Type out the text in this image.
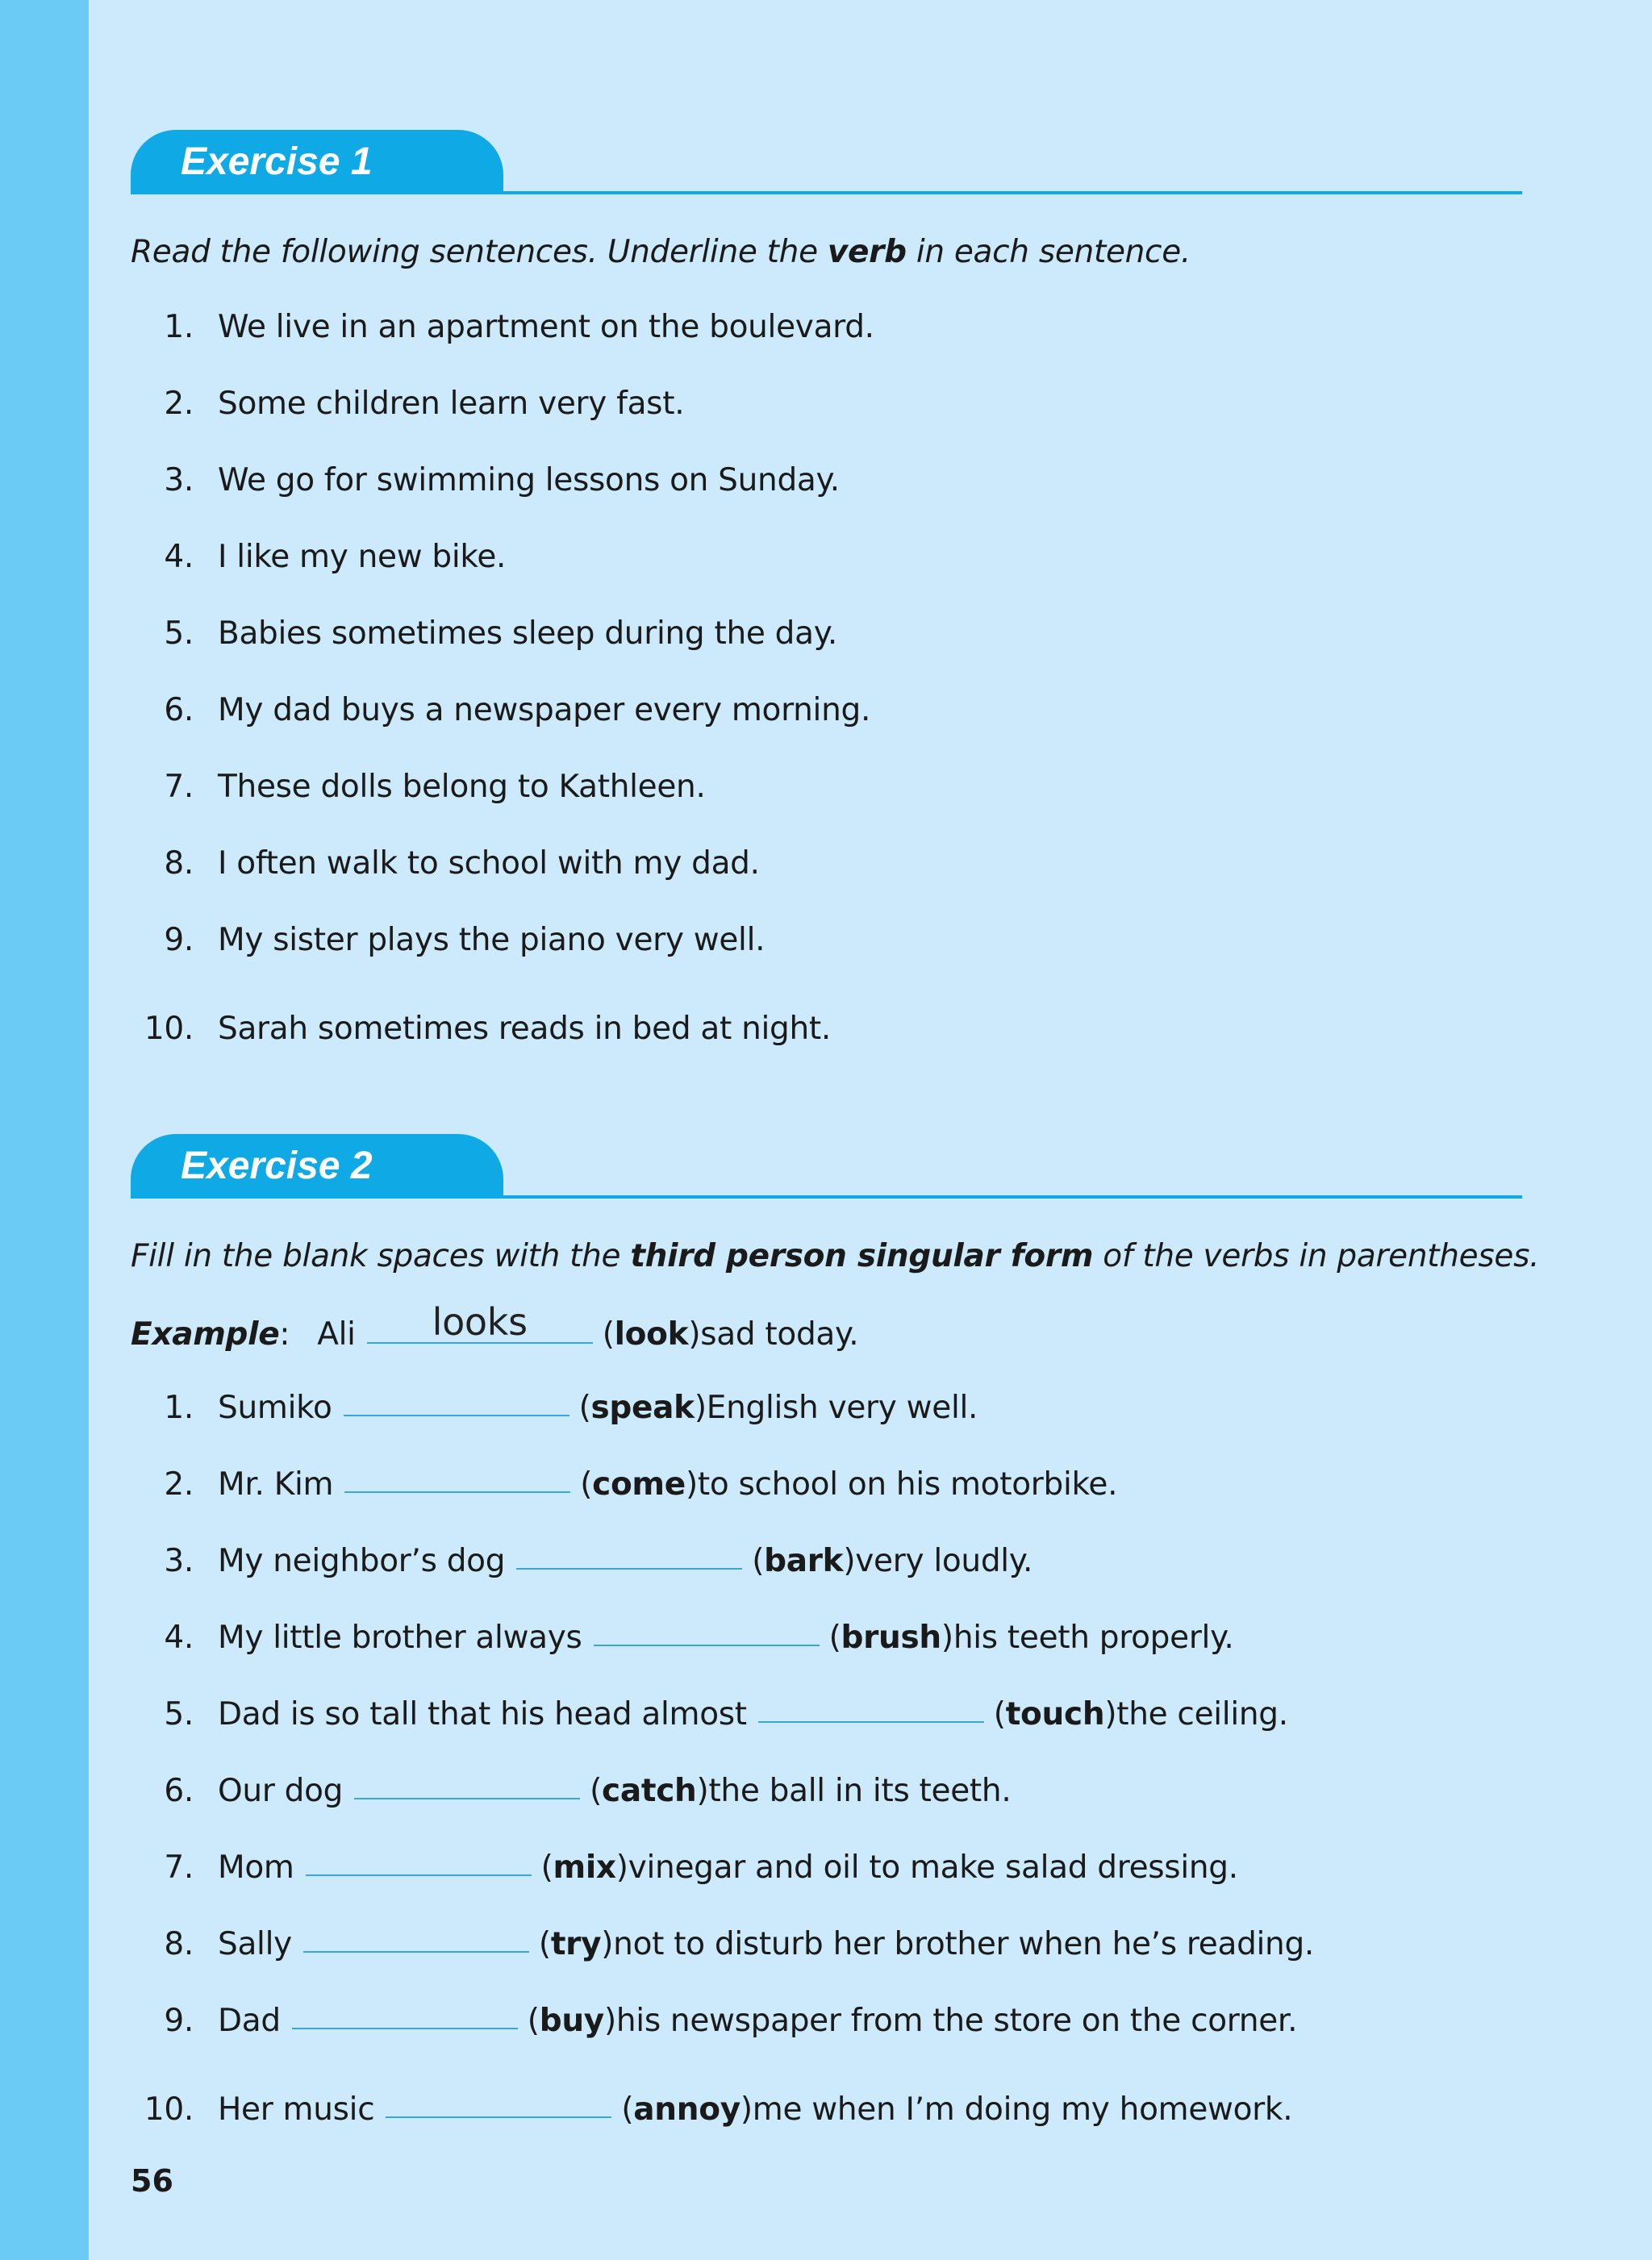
Exercise 1
Read the following sentences. Underline the verb in each sentence.
1. We live in an apartment on the boulevard.
2. Some children learn very fast.
3. We go for swimming lessons on Sunday.
4. I like my new bike.
5. Babies sometimes sleep during the day.
6. My dad buys a newspaper every morning.
7. These dolls belong to Kathleen.
8. I often walk to school with my dad.
9. My sister plays the piano very well.
10. Sarah sometimes reads in bed at night.
Exercise 2
Fill in the blank spaces with the third person singular form of the verbs in parentheses.
Example : Ali	looks	( look ) sad today.
1. Sumiko	( speak ) English very well.
2. Mr. Kim	( come ) to school on his motorbike.
3. My neighbor’s dog	( bark ) very loudly.
4. My little brother always	( brush ) his teeth properly.
5. Dad is so tall that his head almost	( touch ) the ceiling.
6. Our dog	( catch ) the ball in its teeth.
7. Mom	( mix ) vinegar and oil to make salad dressing.
8. Sally	( try ) not to disturb her brother when he’s reading.
9. Dad	( buy ) his newspaper from the store on the corner.
10. Her music	( annoy ) me when I’m doing my homework.
56
